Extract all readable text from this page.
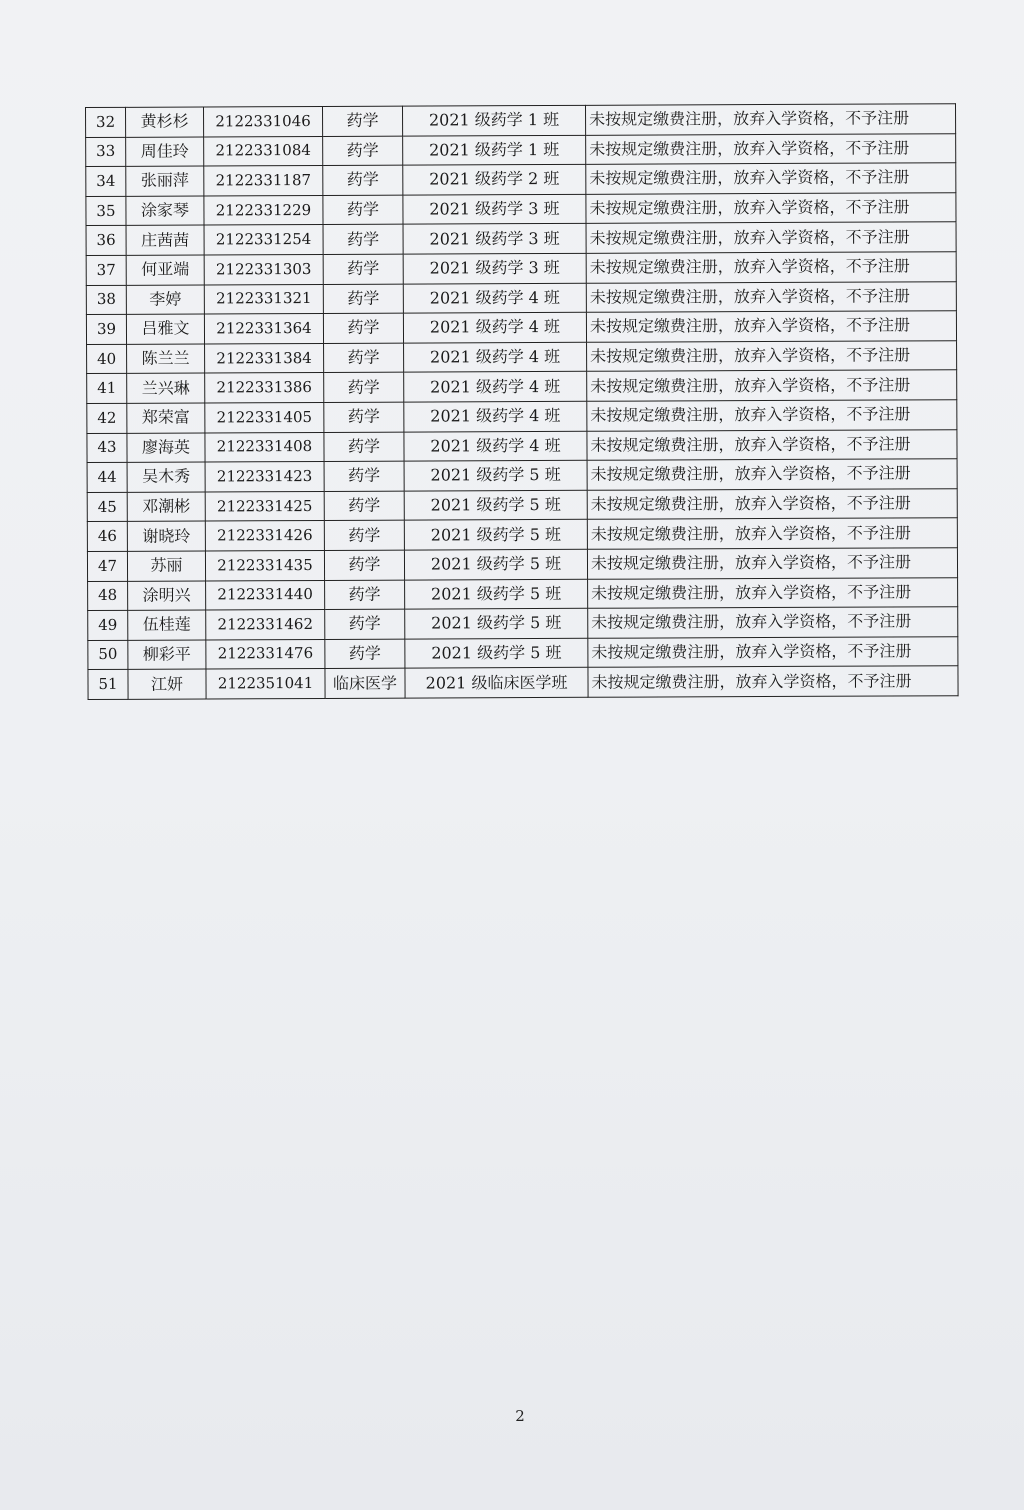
32	黄杉杉	2122331046	药学	2021 级药学 1 班	未按规定缴费注册，放弃入学资格，不予注册
33	周佳玲	2122331084	药学	2021 级药学 1 班	未按规定缴费注册，放弃入学资格，不予注册
34	张丽萍	2122331187	药学	2021 级药学 2 班	未按规定缴费注册，放弃入学资格，不予注册
35	涂家琴	2122331229	药学	2021 级药学 3 班	未按规定缴费注册，放弃入学资格，不予注册
36	庄茜茜	2122331254	药学	2021 级药学 3 班	未按规定缴费注册，放弃入学资格，不予注册
37	何亚端	2122331303	药学	2021 级药学 3 班	未按规定缴费注册，放弃入学资格，不予注册
38	李婷	2122331321	药学	2021 级药学 4 班	未按规定缴费注册，放弃入学资格，不予注册
39	吕雅文	2122331364	药学	2021 级药学 4 班	未按规定缴费注册，放弃入学资格，不予注册
40	陈兰兰	2122331384	药学	2021 级药学 4 班	未按规定缴费注册，放弃入学资格，不予注册
41	兰兴琳	2122331386	药学	2021 级药学 4 班	未按规定缴费注册，放弃入学资格，不予注册
42	郑荣富	2122331405	药学	2021 级药学 4 班	未按规定缴费注册，放弃入学资格，不予注册
43	廖海英	2122331408	药学	2021 级药学 4 班	未按规定缴费注册，放弃入学资格，不予注册
44	吴木秀	2122331423	药学	2021 级药学 5 班	未按规定缴费注册，放弃入学资格，不予注册
45	邓潮彬	2122331425	药学	2021 级药学 5 班	未按规定缴费注册，放弃入学资格，不予注册
46	谢晓玲	2122331426	药学	2021 级药学 5 班	未按规定缴费注册，放弃入学资格，不予注册
47	苏丽	2122331435	药学	2021 级药学 5 班	未按规定缴费注册，放弃入学资格，不予注册
48	涂明兴	2122331440	药学	2021 级药学 5 班	未按规定缴费注册，放弃入学资格，不予注册
49	伍桂莲	2122331462	药学	2021 级药学 5 班	未按规定缴费注册，放弃入学资格，不予注册
50	柳彩平	2122331476	药学	2021 级药学 5 班	未按规定缴费注册，放弃入学资格，不予注册
51	江妍	2122351041	临床医学	2021 级临床医学班	未按规定缴费注册，放弃入学资格，不予注册
2
